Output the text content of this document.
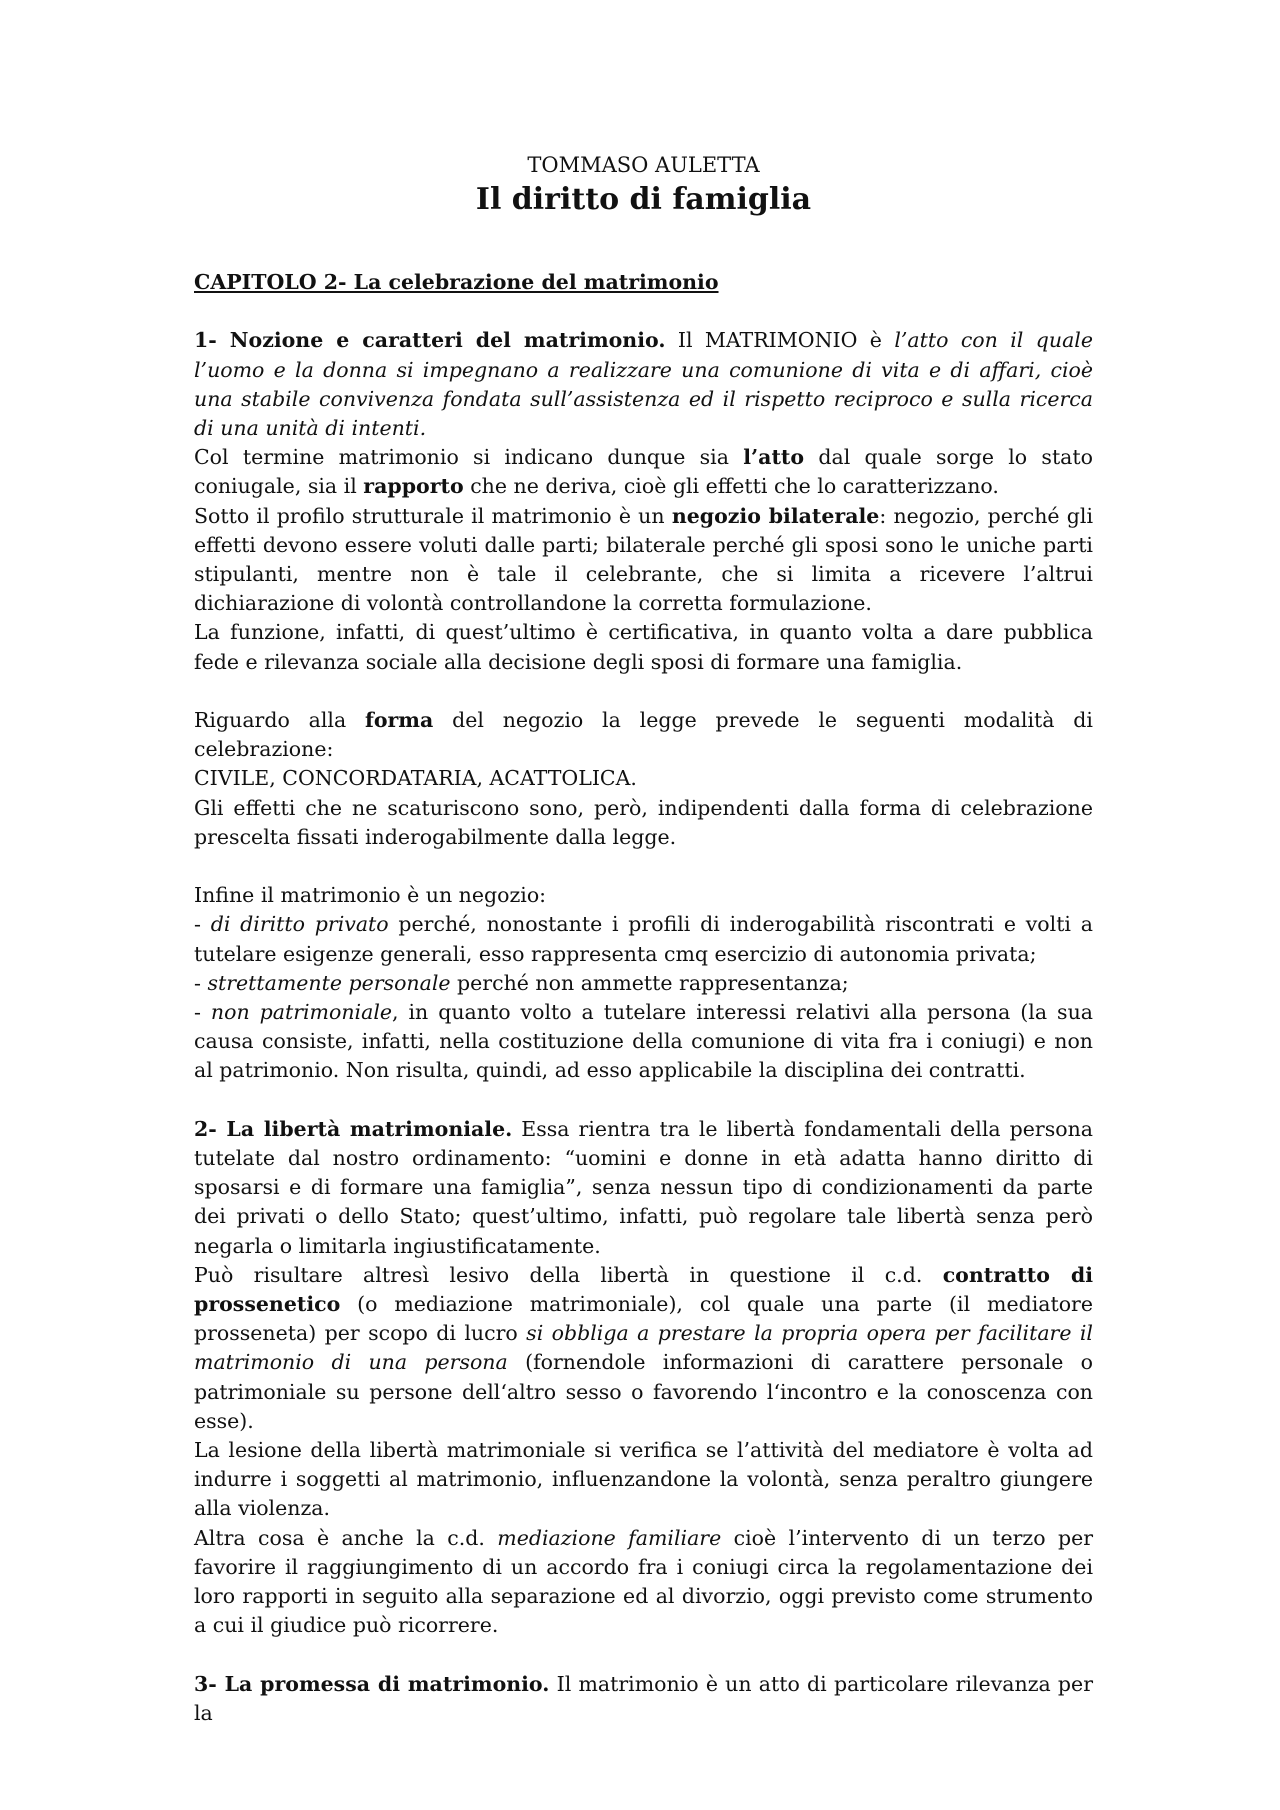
TOMMASO AULETTA

Il diritto di famiglia

CAPITOLO 2- La celebrazione del matrimonio

1- Nozione e caratteri del matrimonio. Il MATRIMONIO è l’atto con il quale l’uomo e la donna si impegnano a realizzare una comunione di vita e di affari, cioè una stabile convivenza fondata sull’assistenza ed il rispetto reciproco e sulla ricerca di una unità di intenti.

Col termine matrimonio si indicano dunque sia l’atto dal quale sorge lo stato coniugale, sia il rapporto che ne deriva, cioè gli effetti che lo caratterizzano.

Sotto il profilo strutturale il matrimonio è un negozio bilaterale: negozio, perché gli effetti devono essere voluti dalle parti; bilaterale perché gli sposi sono le uniche parti stipulanti, mentre non è tale il celebrante, che si limita a ricevere l’altrui dichiarazione di volontà controllandone la corretta formulazione.

La funzione, infatti, di quest’ultimo è certificativa, in quanto volta a dare pubblica fede e rilevanza sociale alla decisione degli sposi di formare una famiglia.

Riguardo alla forma del negozio la legge prevede le seguenti modalità di celebrazione:
CIVILE, CONCORDATARIA, ACATTOLICA.

Gli effetti che ne scaturiscono sono, però, indipendenti dalla forma di celebrazione prescelta fissati inderogabilmente dalla legge.

Infine il matrimonio è un negozio:

- di diritto privato perché, nonostante i profili di inderogabilità riscontrati e volti a tutelare esigenze generali, esso rappresenta cmq esercizio di autonomia privata;

- strettamente personale perché non ammette rappresentanza;

- non patrimoniale, in quanto volto a tutelare interessi relativi alla persona (la sua causa consiste, infatti, nella costituzione della comunione di vita fra i coniugi) e non al patrimonio. Non risulta, quindi, ad esso applicabile la disciplina dei contratti.

2- La libertà matrimoniale. Essa rientra tra le libertà fondamentali della persona tutelate dal nostro ordinamento: “uomini e donne in età adatta hanno diritto di sposarsi e di formare una famiglia”, senza nessun tipo di condizionamenti da parte dei privati o dello Stato; quest’ultimo, infatti, può regolare tale libertà senza però negarla o limitarla ingiustificatamente.

Può risultare altresì lesivo della libertà in questione il c.d. contratto di prosseneticо (o mediazione matrimoniale), col quale una parte (il mediatore prosseneta) per scopo di lucro si obbliga a prestare la propria opera per facilitare il matrimonio di una persona (fornendole informazioni di carattere personale o patrimoniale su persone dell‘altro sesso o favorendo l‘incontro e la conoscenza con esse).

La lesione della libertà matrimoniale si verifica se l’attività del mediatore è volta ad indurre i soggetti al matrimonio, influenzandone la volontà, senza peraltro giungere alla violenza.

Altra cosa è anche la c.d. mediazione familiare cioè l’intervento di un terzo per favorire il raggiungimento di un accordo fra i coniugi circa la regolamentazione dei loro rapporti in seguito alla separazione ed al divorzio, oggi previsto come strumento a cui il giudice può ricorrere.

3- La promessa di matrimonio. Il matrimonio è un atto di particolare rilevanza per la
